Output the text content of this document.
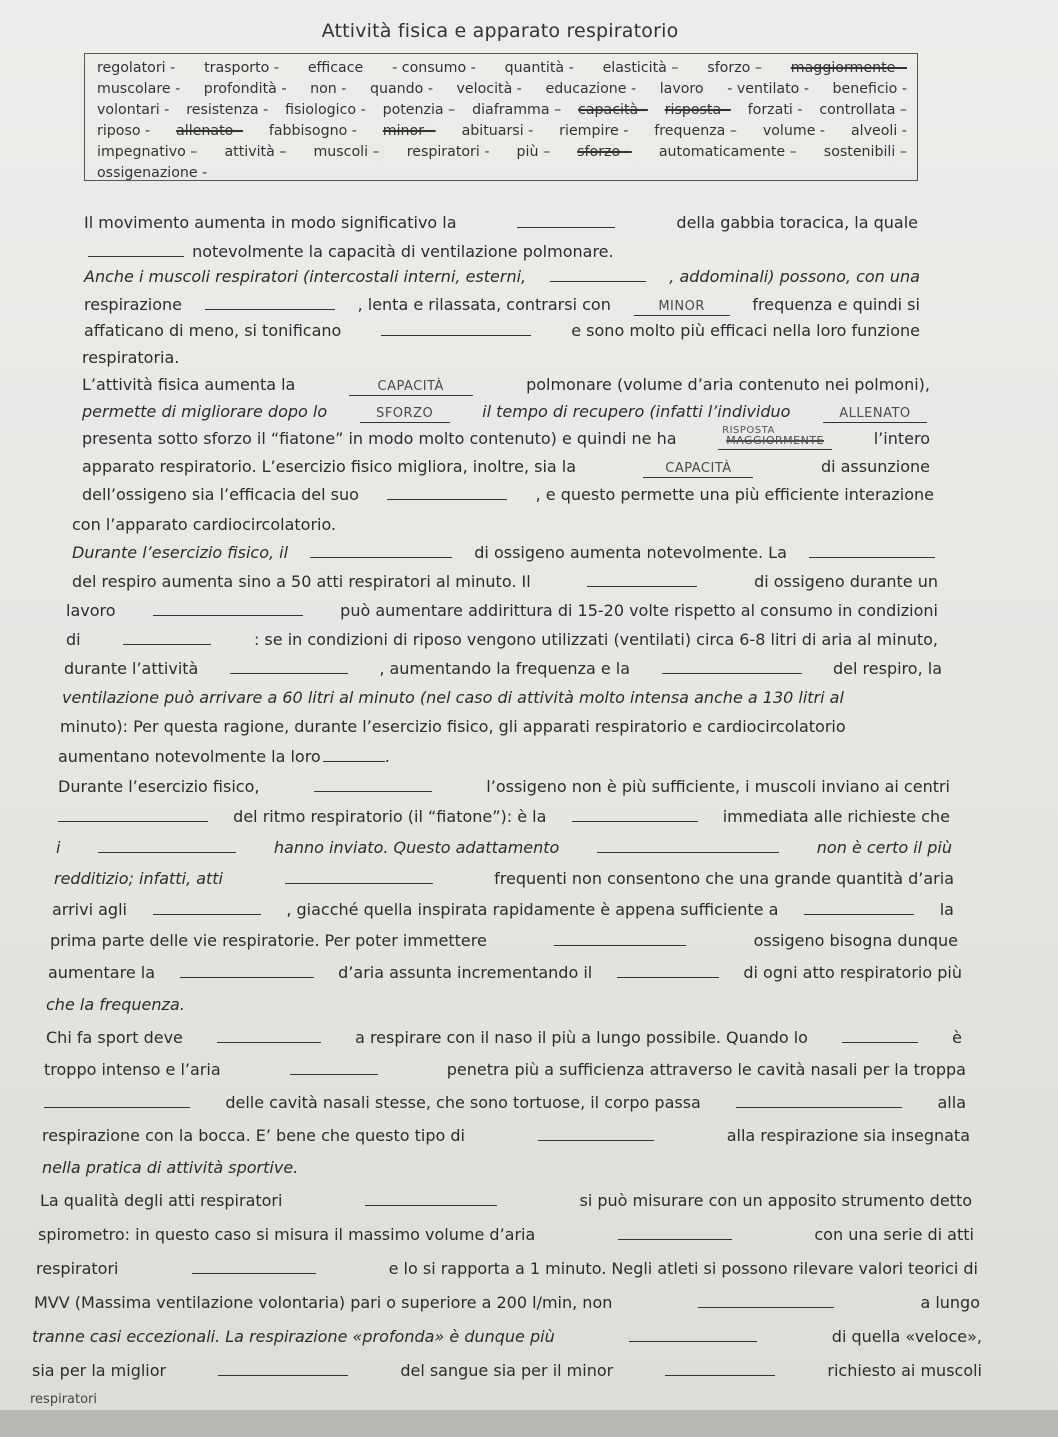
Attività fisica e apparato respiratorio
regolatori - trasporto - efficace - consumo - quantità - elasticità – sforzo – maggiormente –
muscolare - profondità - non - quando - velocità - educazione - lavoro - ventilato - beneficio -
volontari - resistenza - fisiologico - potenzia – diaframma – capacità - risposta - forzati - controllata –
riposo - allenato - fabbisogno - minor – abituarsi - riempire - frequenza – volume - alveoli -
impegnativo – attività – muscoli – respiratori - più – sforzo – automaticamente – sostenibili –
ossigenazione -
Il movimento aumenta in modo significativo la	della gabbia toracica, la quale
notevolmente la capacità di ventilazione polmonare.
Anche i muscoli respiratori (intercostali interni, esterni,	, addominali) possono, con una
respirazione	, lenta e rilassata, contrarsi con	MINOR	frequenza e quindi si
affaticano di meno, si tonificano	e sono molto più efficaci nella loro funzione
respiratoria.
L’attività fisica aumenta la	CAPACITÀ	polmonare (volume d’aria contenuto nei polmoni),
permette di migliorare dopo lo	SFORZO	il tempo di recupero (infatti l’individuo	ALLENATO
presenta sotto sforzo il “fiatone” in modo molto contenuto) e quindi ne ha	RISPOSTA
MAGGIORMENTE	l’intero
apparato respiratorio. L’esercizio fisico migliora, inoltre, sia la	CAPACITÀ	di assunzione
dell’ossigeno sia l’efficacia del suo	, e questo permette una più efficiente interazione
con l’apparato cardiocircolatorio.
Durante l’esercizio fisico, il	di ossigeno aumenta notevolmente. La
del respiro aumenta sino a 50 atti respiratori al minuto. Il	di ossigeno durante un
lavoro	può aumentare addirittura di 15-20 volte rispetto al consumo in condizioni
di	: se in condizioni di riposo vengono utilizzati (ventilati) circa 6-8 litri di aria al minuto,
durante l’attività	, aumentando la frequenza e la	del respiro, la
ventilazione può arrivare a 60 litri al minuto (nel caso di attività molto intensa anche a 130 litri al
minuto): Per questa ragione, durante l’esercizio fisico, gli apparati respiratorio e cardiocircolatorio
aumentano notevolmente la loro	.
Durante l’esercizio fisico,	l’ossigeno non è più sufficiente, i muscoli inviano ai centri
del ritmo respiratorio (il “fiatone”): è la	immediata alle richieste che
i	hanno inviato. Questo adattamento	non è certo il più
redditizio; infatti, atti	frequenti non consentono che una grande quantità d’aria
arrivi agli	, giacché quella inspirata rapidamente è appena sufficiente a	la
prima parte delle vie respiratorie. Per poter immettere	ossigeno bisogna dunque
aumentare la	d’aria assunta incrementando il	di ogni atto respiratorio più
che la frequenza.
Chi fa sport deve	a respirare con il naso il più a lungo possibile. Quando lo	è
troppo intenso e l’aria	penetra più a sufficienza attraverso le cavità nasali per la troppa
delle cavità nasali stesse, che sono tortuose, il corpo passa	alla
respirazione con la bocca. E’ bene che questo tipo di	alla respirazione sia insegnata
nella pratica di attività sportive.
La qualità degli atti respiratori	si può misurare con un apposito strumento detto
spirometro: in questo caso si misura il massimo volume d’aria	con una serie di atti
respiratori	e lo si rapporta a 1 minuto. Negli atleti si possono rilevare valori teorici di
MVV (Massima ventilazione volontaria) pari o superiore a 200 l/min, non	a lungo
tranne casi eccezionali. La respirazione «profonda» è dunque più	di quella «veloce»,
sia per la miglior	del sangue sia per il minor	richiesto ai muscoli
respiratori
